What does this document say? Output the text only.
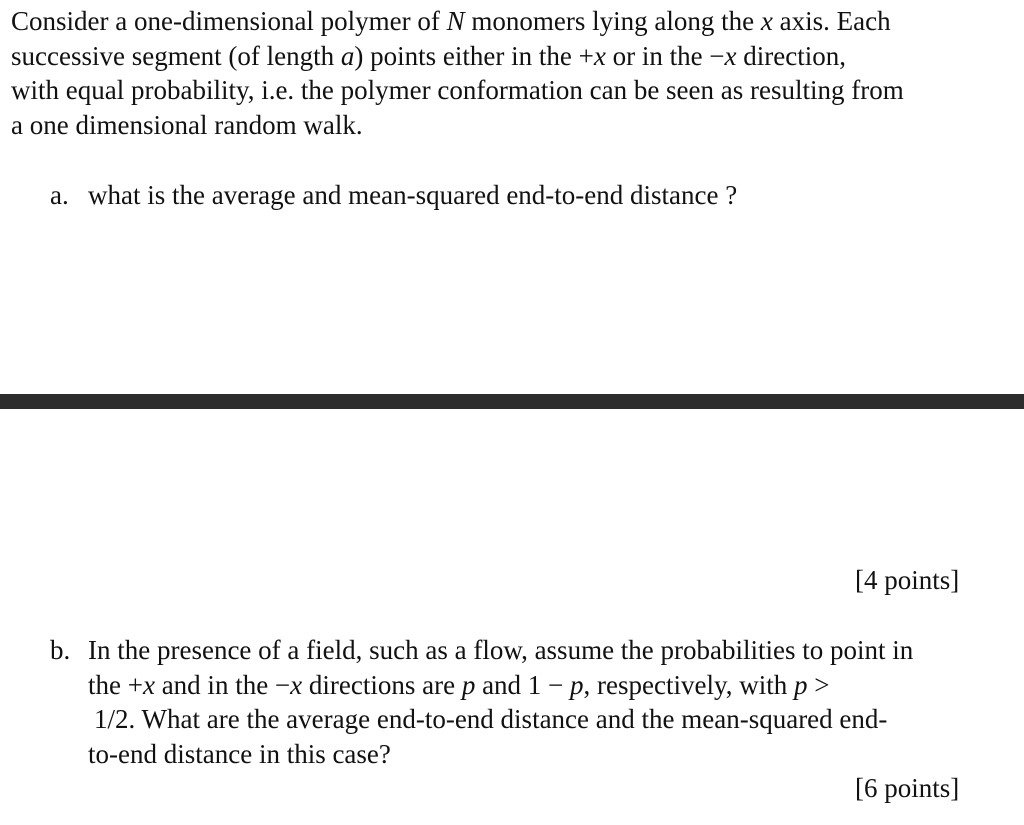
Consider a one-dimensional polymer of N monomers lying along the x axis. Each
successive segment (of length a) points either in the +x or in the −x direction,
with equal probability, i.e. the polymer conformation can be seen as resulting from
a one dimensional random walk.
a. what is the average and mean-squared end-to-end distance ?
[4 points]
b. In the presence of a field, such as a flow, assume the probabilities to point in
the +x and in the −x directions are p and 1 − p, respectively, with p >
1/2. What are the average end-to-end distance and the mean-squared end-
to-end distance in this case?
[6 points]
